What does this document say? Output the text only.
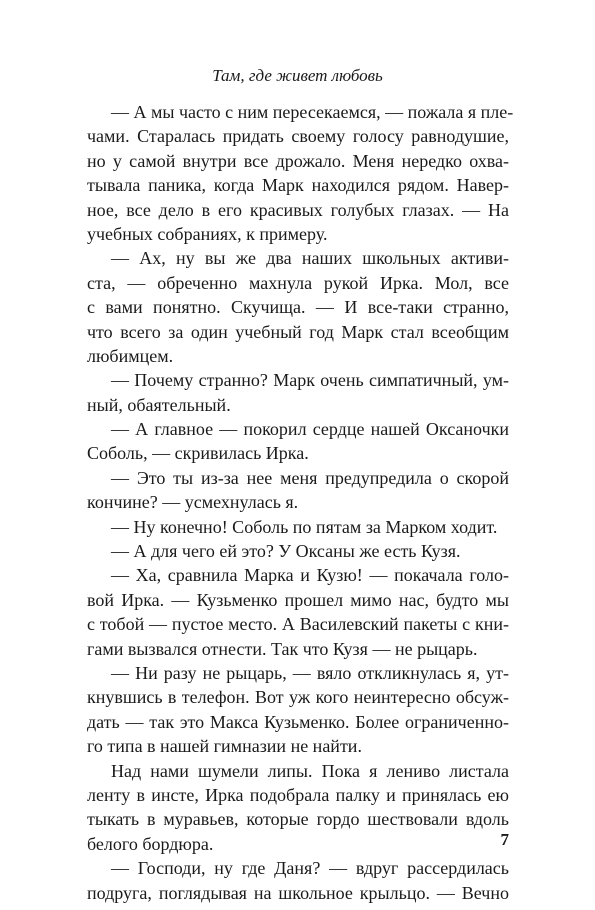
Там, где живет любовь
— А мы часто с ним пересекаемся, — пожала я пле-
чами. Старалась придать своему голосу равнодушие,
но у самой внутри все дрожало. Меня нередко охва-
тывала паника, когда Марк находился рядом. Навер-
ное, все дело в его красивых голубых глазах. — На
учебных собраниях, к примеру.
— Ах, ну вы же два наших школьных активи-
ста, — обреченно махнула рукой Ирка. Мол, все
с вами понятно. Скучища. — И все-таки странно,
что всего за один учебный год Марк стал всеобщим
любимцем.
— Почему странно? Марк очень симпатичный, ум-
ный, обаятельный.
— А главное — покорил сердце нашей Оксаночки
Соболь, — скривилась Ирка.
— Это ты из-за нее меня предупредила о скорой
кончине? — усмехнулась я.
— Ну конечно! Соболь по пятам за Марком ходит.
— А для чего ей это? У Оксаны же есть Кузя.
— Ха, сравнила Марка и Кузю! — покачала голо-
вой Ирка. — Кузьменко прошел мимо нас, будто мы
с тобой — пустое место. А Василевский пакеты с кни-
гами вызвался отнести. Так что Кузя — не рыцарь.
— Ни разу не рыцарь, — вяло откликнулась я, ут-
кнувшись в телефон. Вот уж кого неинтересно обсуж-
дать — так это Макса Кузьменко. Более ограниченно-
го типа в нашей гимназии не найти.
Над нами шумели липы. Пока я лениво листала
ленту в инсте, Ирка подобрала палку и принялась ею
тыкать в муравьев, которые гордо шествовали вдоль
белого бордюра.
— Господи, ну где Даня? — вдруг рассердилась
подруга, поглядывая на школьное крыльцо. — Вечно
7
